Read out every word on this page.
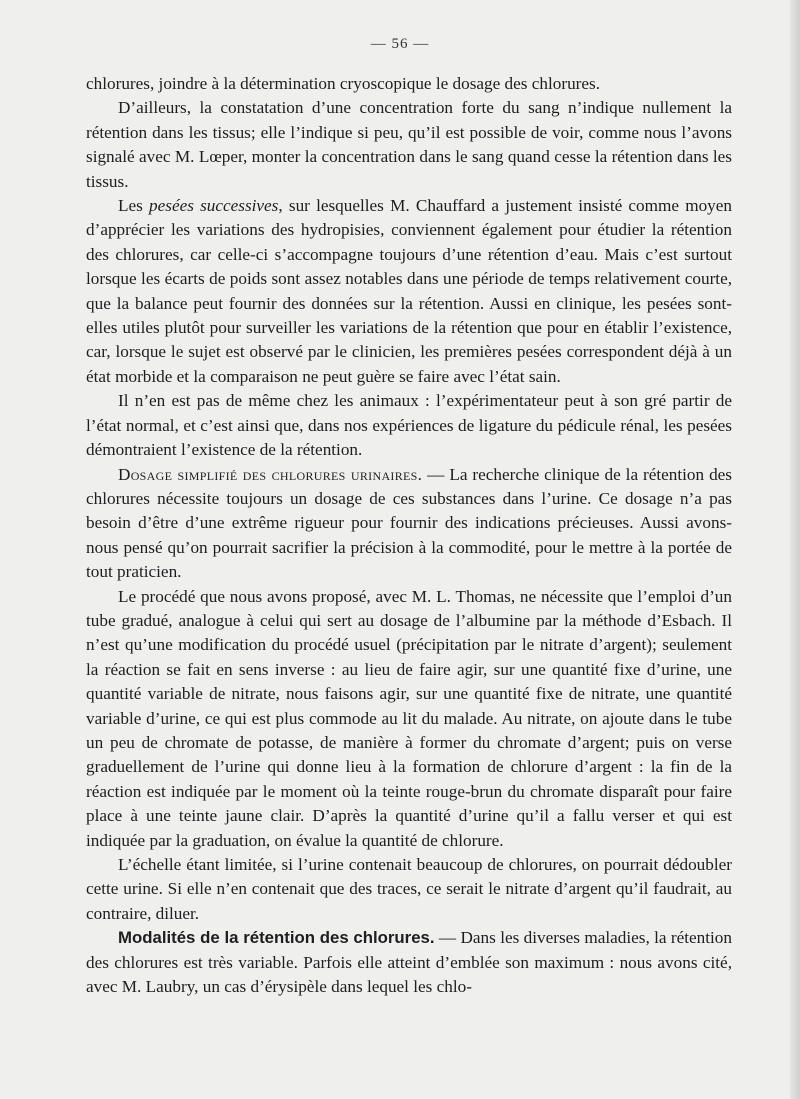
— 56 —

chlorures, joindre à la détermination cryoscopique le dosage des chlorures.

D’ailleurs, la constatation d’une concentration forte du sang n’indique nullement la rétention dans les tissus; elle l’indique si peu, qu’il est possible de voir, comme nous l’avons signalé avec M. Lœper, monter la concentration dans le sang quand cesse la rétention dans les tissus.

Les pesées successives, sur lesquelles M. Chauffard a justement insisté comme moyen d’apprécier les variations des hydropisies, conviennent également pour étudier la rétention des chlorures, car celle-ci s’accompagne toujours d’une rétention d’eau. Mais c’est surtout lorsque les écarts de poids sont assez notables dans une période de temps relativement courte, que la balance peut fournir des données sur la rétention. Aussi en clinique, les pesées sont-elles utiles plutôt pour surveiller les variations de la rétention que pour en établir l’existence, car, lorsque le sujet est observé par le clinicien, les premières pesées correspondent déjà à un état morbide et la comparaison ne peut guère se faire avec l’état sain.

Il n’en est pas de même chez les animaux : l’expérimentateur peut à son gré partir de l’état normal, et c’est ainsi que, dans nos expériences de ligature du pédicule rénal, les pesées démontraient l’existence de la rétention.

Dosage simplifié des chlorures urinaires. — La recherche clinique de la rétention des chlorures nécessite toujours un dosage de ces substances dans l’urine. Ce dosage n’a pas besoin d’être d’une extrême rigueur pour fournir des indications précieuses. Aussi avons-nous pensé qu’on pourrait sacrifier la précision à la commodité, pour le mettre à la portée de tout praticien.

Le procédé que nous avons proposé, avec M. L. Thomas, ne nécessite que l’emploi d’un tube gradué, analogue à celui qui sert au dosage de l’albumine par la méthode d’Esbach. Il n’est qu’une modification du procédé usuel (précipitation par le nitrate d’argent); seulement la réaction se fait en sens inverse : au lieu de faire agir, sur une quantité fixe d’urine, une quantité variable de nitrate, nous faisons agir, sur une quantité fixe de nitrate, une quantité variable d’urine, ce qui est plus commode au lit du malade. Au nitrate, on ajoute dans le tube un peu de chromate de potasse, de manière à former du chromate d’argent; puis on verse graduellement de l’urine qui donne lieu à la formation de chlorure d’argent : la fin de la réaction est indiquée par le moment où la teinte rouge-brun du chromate disparaît pour faire place à une teinte jaune clair. D’après la quantité d’urine qu’il a fallu verser et qui est indiquée par la graduation, on évalue la quantité de chlorure.

L’échelle étant limitée, si l’urine contenait beaucoup de chlorures, on pourrait dédoubler cette urine. Si elle n’en contenait que des traces, ce serait le nitrate d’argent qu’il faudrait, au contraire, diluer.

Modalités de la rétention des chlorures. — Dans les diverses maladies, la rétention des chlorures est très variable. Parfois elle atteint d’emblée son maximum : nous avons cité, avec M. Laubry, un cas d’érysipèle dans lequel les chlo-
